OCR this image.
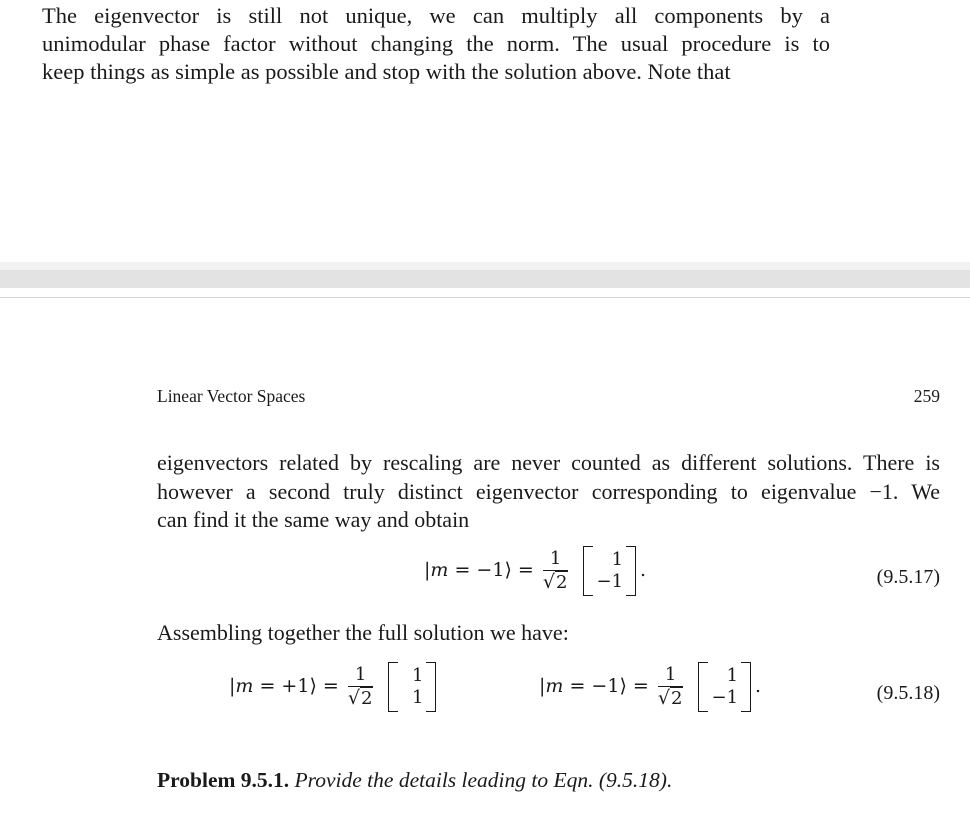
The eigenvector is still not unique, we can multiply all components by a
unimodular phase factor without changing the norm. The usual procedure is to
keep things as simple as possible and stop with the solution above. Note that
Linear Vector Spaces	259
eigenvectors related by rescaling are never counted as different solutions. There is
however a second truly distinct eigenvector corresponding to eigenvalue −1. We
can find it the same way and obtain
|m = −1⟩ = $\frac{1}{√2}$
	1
−1
.	(9.5.17)
Assembling together the full solution we have:
|m = +1⟩ = $\frac{1}{√2}$
	1
1
|m = −1⟩ = $\frac{1}{√2}$
	1
−1
.	(9.5.18)
Problem 9.5.1. Provide the details leading to Eqn. (9.5.18).
